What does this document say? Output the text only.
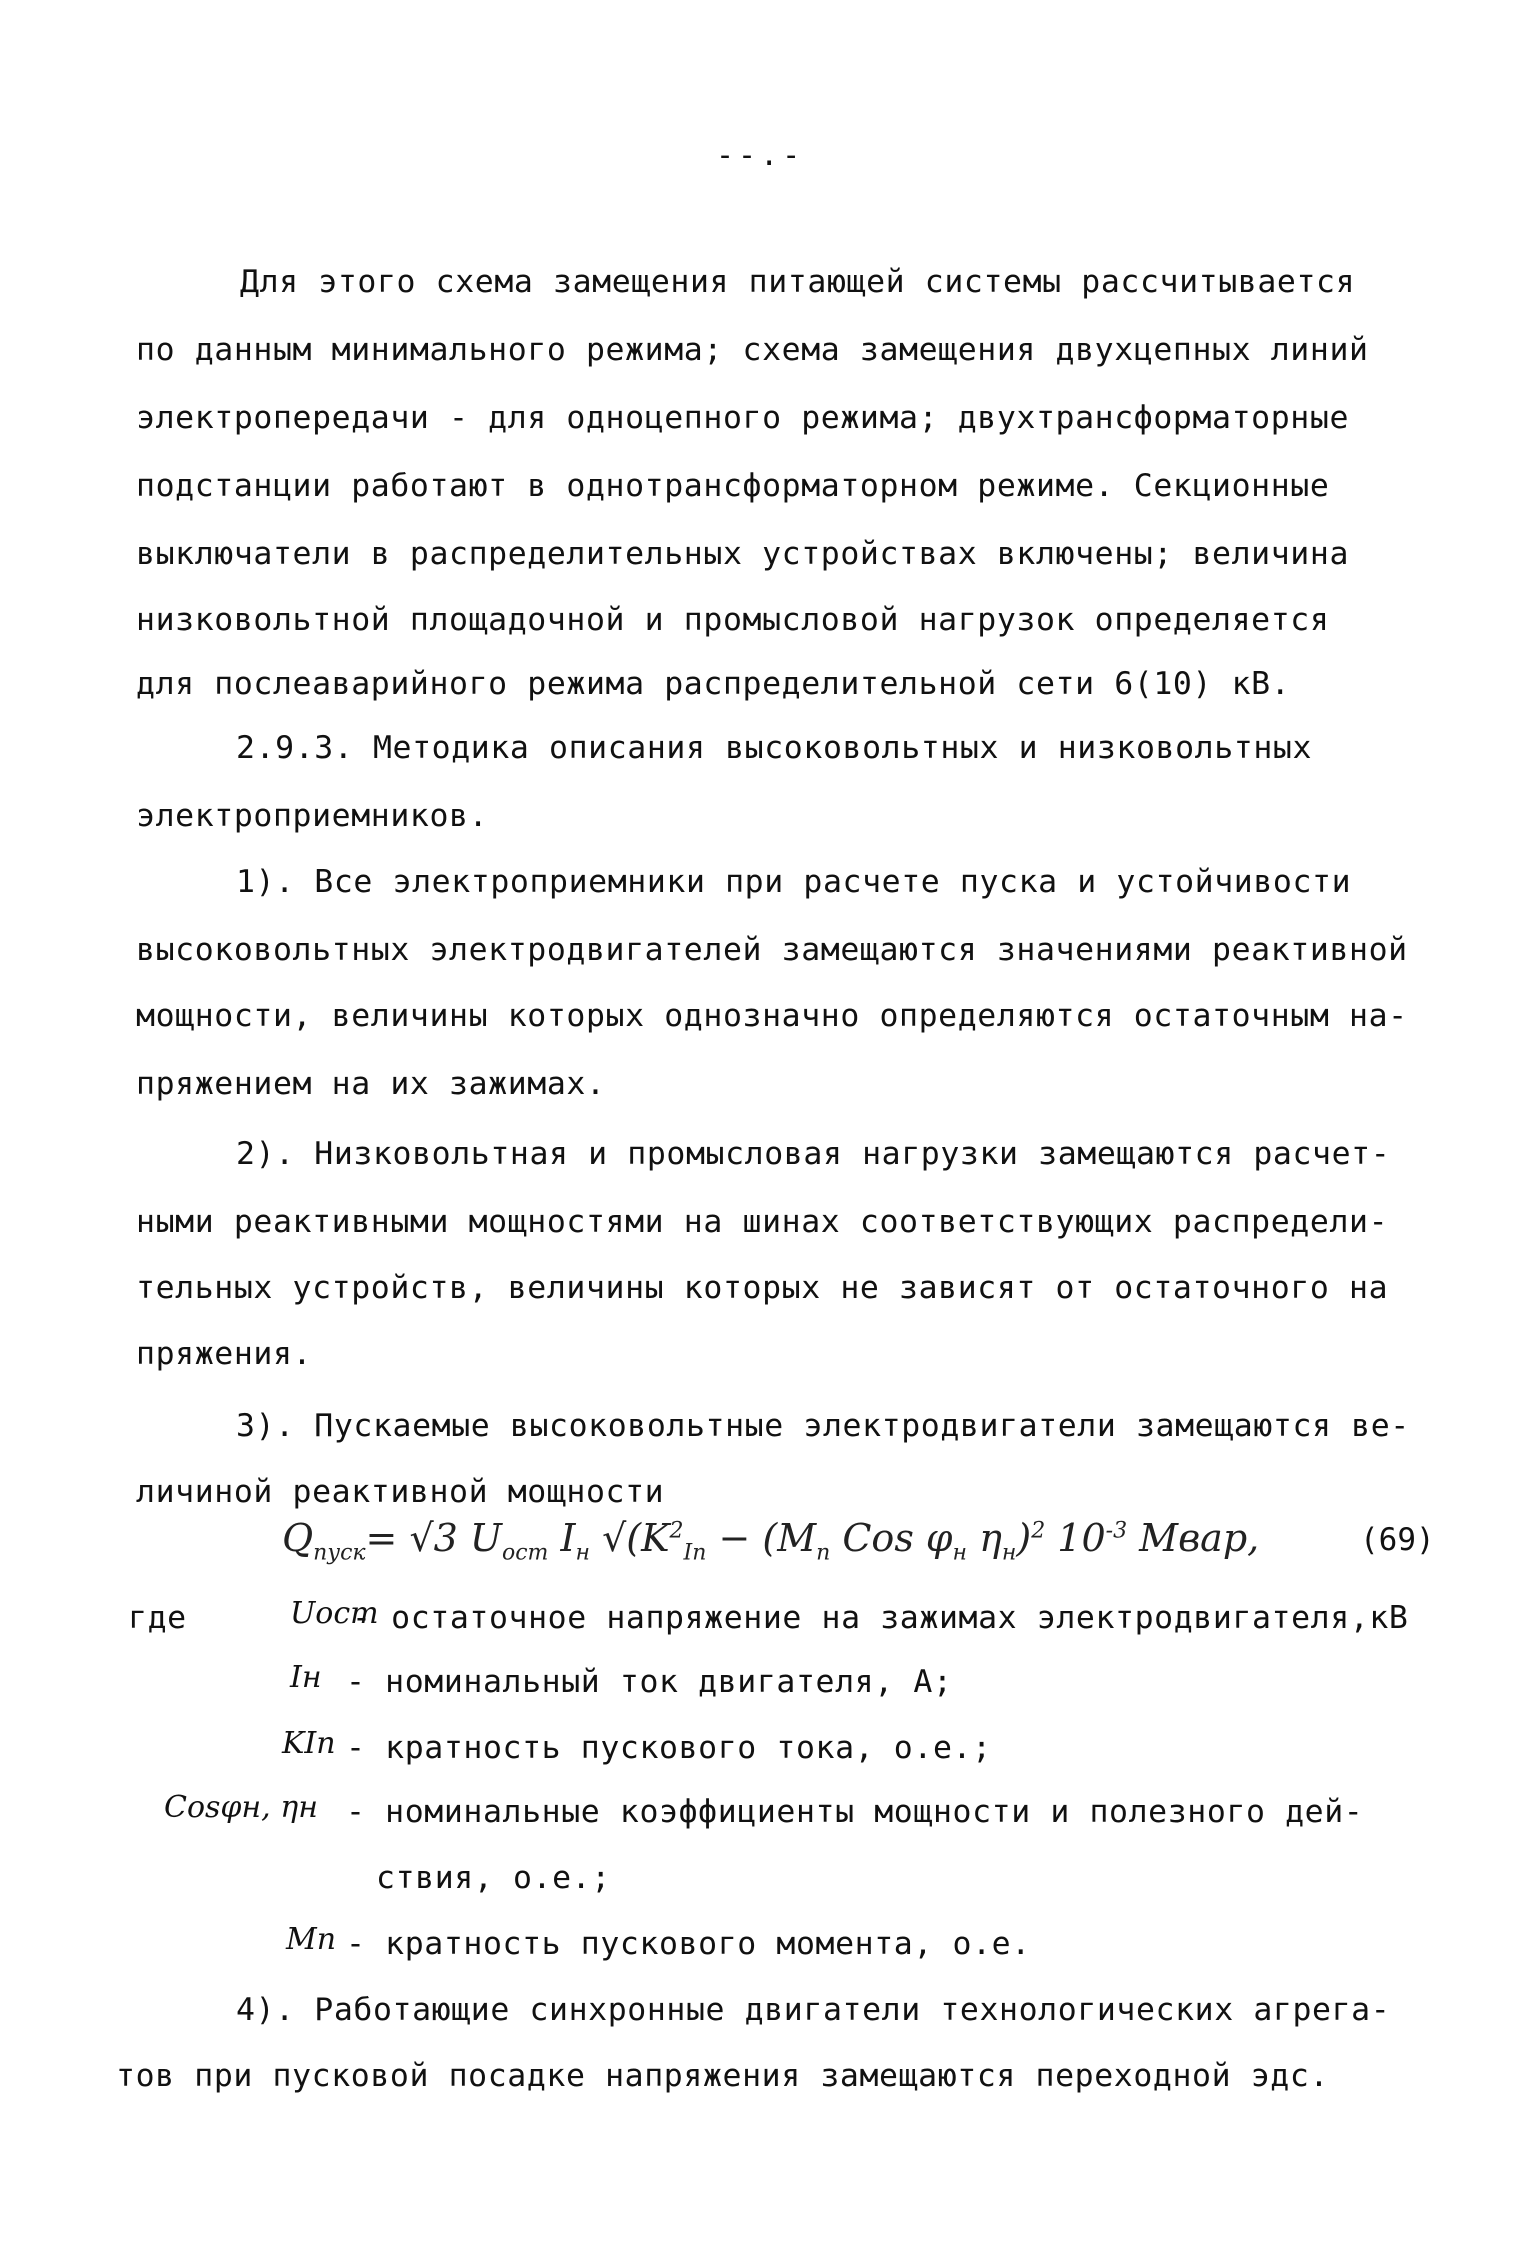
--.-
Для этого схема замещения питающей системы рассчитывается
по данным минимального режима; схема замещения двухцепных линий
электропередачи - для одноцепного режима; двухтрансформаторные
подстанции работают в однотрансформаторном режиме. Секционные
выключатели в распределительных устройствах включены; величина
низковольтной площадочной и промысловой нагрузок определяется
для послеаварийного режима распределительной сети 6(10) кВ.
2.9.3. Методика описания высоковольтных и низковольтных
электроприемников.
1). Все электроприемники при расчете пуска и устойчивости
высоковольтных электродвигателей замещаются значениями реактивной
мощности, величины которых однозначно определяются остаточным на-
пряжением на их зажимах.
2). Низковольтная и промысловая нагрузки замещаются расчет-
ными реактивными мощностями на шинах соответствующих распредели-
тельных устройств, величины которых не зависят от остаточного на
пряжения.
3). Пускаемые высоковольтные электродвигатели замещаются ве-
личиной реактивной мощности
$Q_{пуск}= √3$ $U_{ост}$ $I_н$ $√(K^2_{Iп} - (M_п$ Cos $\varphi_н$ $\eta_н)^2$ $10^{-3}$ Мвар,	(69)
где	Uост
- остаточное напряжение на зажимах электродвигателя,кВ
Iн - номинальный ток двигателя, А;
KIп - кратность пускового тока, о.е.;
Cosφн, ηн - номинальные коэффициенты мощности и полезного дей-
ствия, о.е.;
Mп - кратность пускового момента, о.е.
4). Работающие синхронные двигатели технологических агрега-
тов при пусковой посадке напряжения замещаются переходной эдс.
